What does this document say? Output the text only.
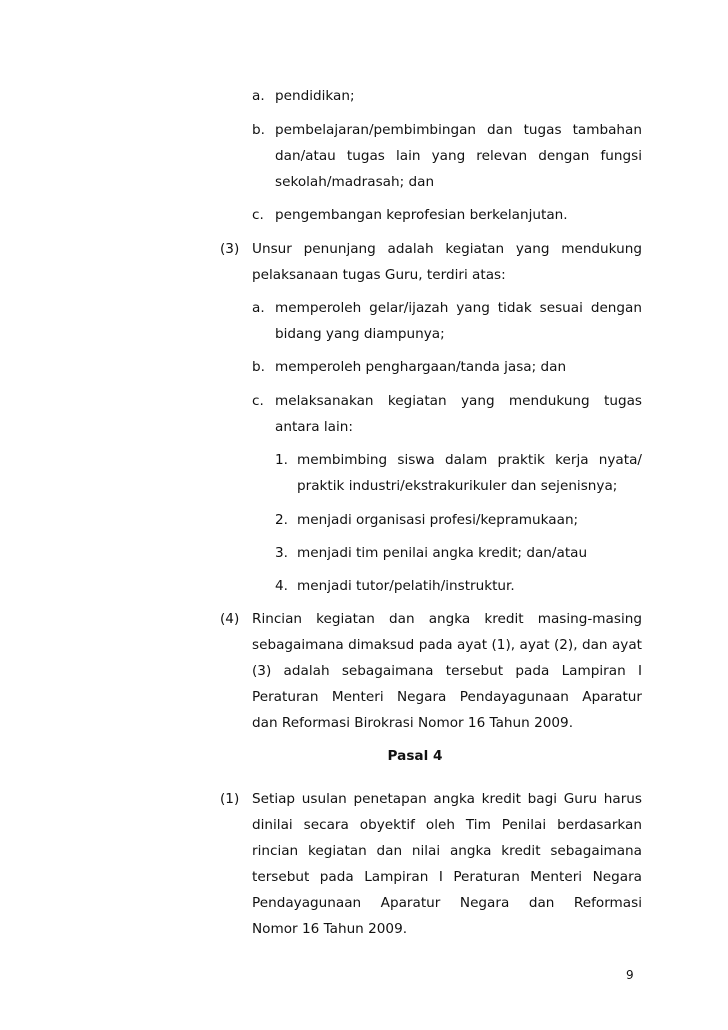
a. pendidikan;
b. pembelajaran/pembimbingan dan tugas tambahan
dan/atau tugas lain yang relevan dengan fungsi
sekolah/madrasah; dan
c. pengembangan keprofesian berkelanjutan.
(3) Unsur penunjang adalah kegiatan yang mendukung
pelaksanaan tugas Guru, terdiri atas:
a. memperoleh gelar/ijazah yang tidak sesuai dengan
bidang yang diampunya;
b. memperoleh penghargaan/tanda jasa; dan
c. melaksanakan kegiatan yang mendukung tugas
antara lain:
1. membimbing siswa dalam praktik kerja nyata/
praktik industri/ekstrakurikuler dan sejenisnya;
2. menjadi organisasi profesi/kepramukaan;
3. menjadi tim penilai angka kredit; dan/atau
4. menjadi tutor/pelatih/instruktur.
(4) Rincian kegiatan dan angka kredit masing-masing
sebagaimana dimaksud pada ayat (1), ayat (2), dan ayat
(3) adalah sebagaimana tersebut pada Lampiran I
Peraturan Menteri Negara Pendayagunaan Aparatur
dan Reformasi Birokrasi Nomor 16 Tahun 2009.
Pasal 4
(1) Setiap usulan penetapan angka kredit bagi Guru harus
dinilai secara obyektif oleh Tim Penilai berdasarkan
rincian kegiatan dan nilai angka kredit sebagaimana
tersebut pada Lampiran I Peraturan Menteri Negara
Pendayagunaan Aparatur Negara dan Reformasi
Nomor 16 Tahun 2009.
9
